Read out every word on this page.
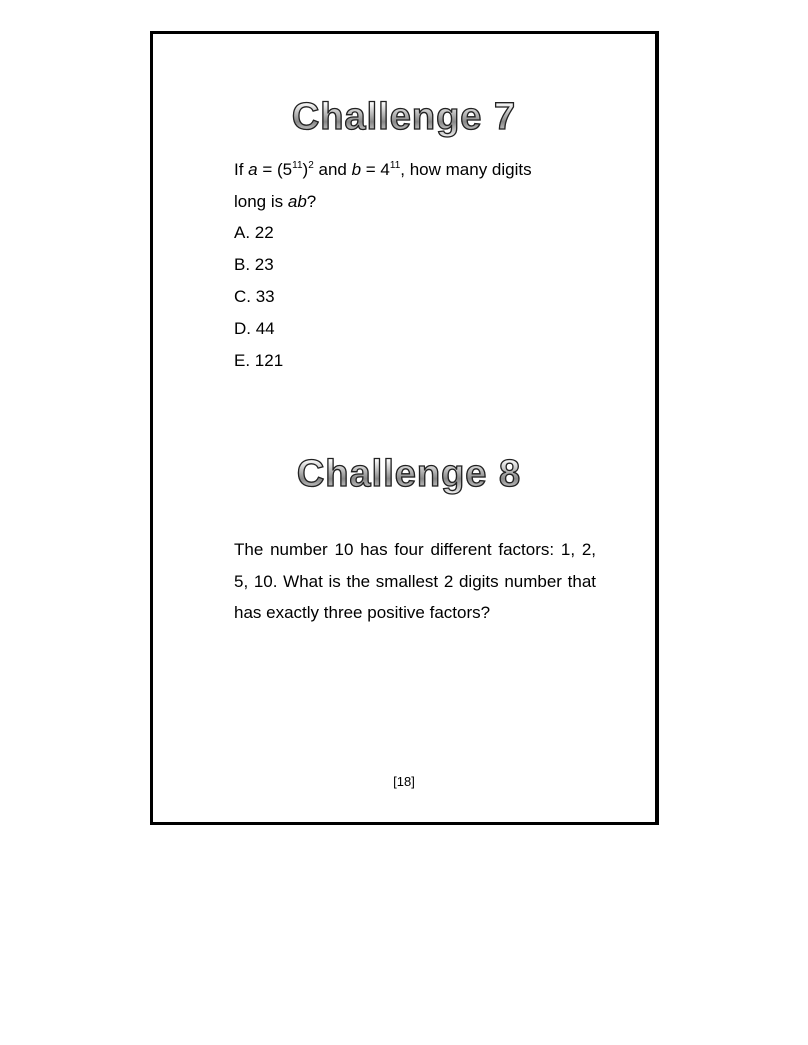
Challenge 7
If $a = (5^{11})^2$ and $b = 4^{11}$, how many digits
long is ab?
A. 22
B. 23
C. 33
D. 44
E. 121
Challenge 8
The number 10 has four different factors: 1, 2, 5, 10. What is the smallest 2 digits number that has exactly three positive factors?
[18]
